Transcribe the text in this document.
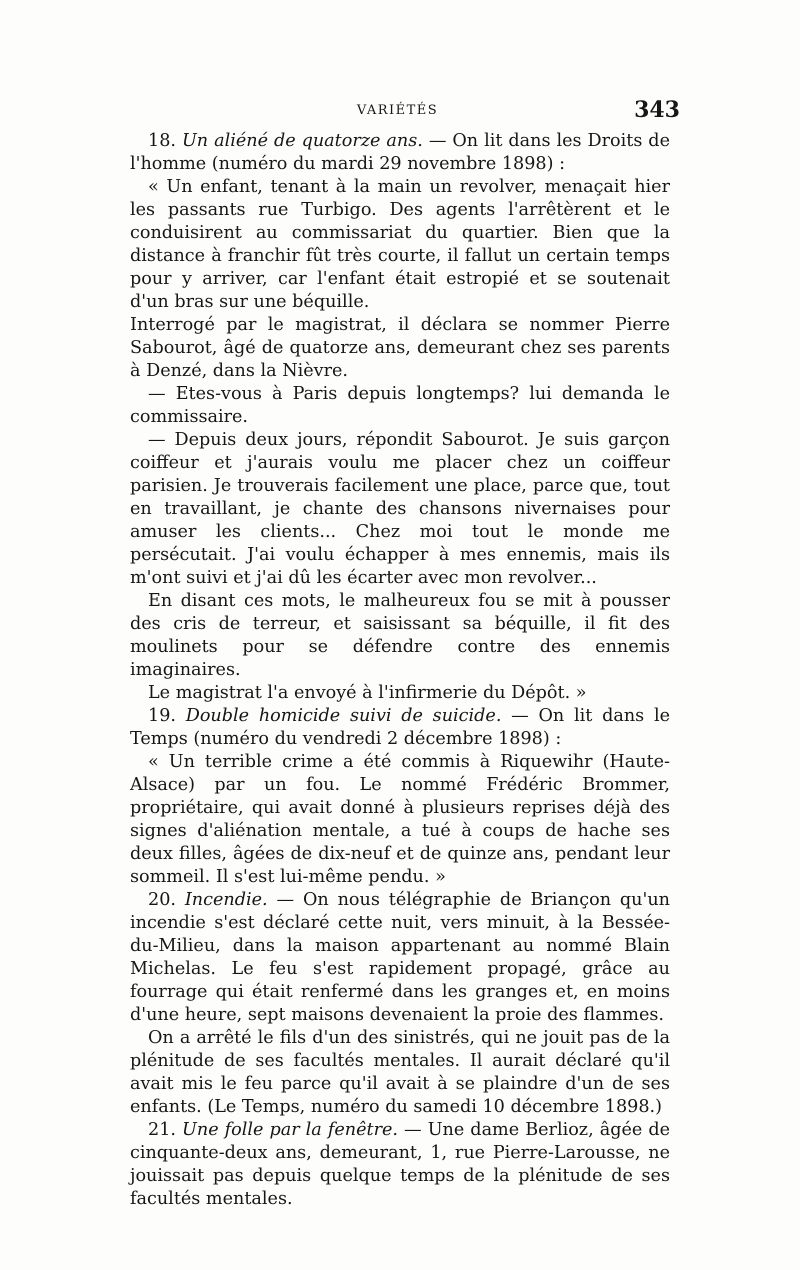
VARIÉTÉS	343

18. Un aliéné de quatorze ans. — On lit dans les Droits de l'homme (numéro du mardi 29 novembre 1898) :

« Un enfant, tenant à la main un revolver, menaçait hier les passants rue Turbigo. Des agents l'arrêtèrent et le conduisirent au commissariat du quartier. Bien que la distance à franchir fût très courte, il fallut un certain temps pour y arriver, car l'enfant était estropié et se soutenait d'un bras sur une béquille.

Interrogé par le magistrat, il déclara se nommer Pierre Sabourot, âgé de quatorze ans, demeurant chez ses parents à Denzé, dans la Nièvre.

— Etes-vous à Paris depuis longtemps? lui demanda le commissaire.

— Depuis deux jours, répondit Sabourot. Je suis garçon coiffeur et j'aurais voulu me placer chez un coiffeur parisien. Je trouverais facilement une place, parce que, tout en travaillant, je chante des chansons nivernaises pour amuser les clients... Chez moi tout le monde me persécutait. J'ai voulu échapper à mes ennemis, mais ils m'ont suivi et j'ai dû les écarter avec mon revolver...

En disant ces mots, le malheureux fou se mit à pousser des cris de terreur, et saisissant sa béquille, il fit des moulinets pour se défendre contre des ennemis imaginaires.

Le magistrat l'a envoyé à l'infirmerie du Dépôt. »

19. Double homicide suivi de suicide. — On lit dans le Temps (numéro du vendredi 2 décembre 1898) :

« Un terrible crime a été commis à Riquewihr (Haute-Alsace) par un fou. Le nommé Frédéric Brommer, propriétaire, qui avait donné à plusieurs reprises déjà des signes d'aliénation mentale, a tué à coups de hache ses deux filles, âgées de dix-neuf et de quinze ans, pendant leur sommeil. Il s'est lui-même pendu. »

20. Incendie. — On nous télégraphie de Briançon qu'un incendie s'est déclaré cette nuit, vers minuit, à la Bessée-du-Milieu, dans la maison appartenant au nommé Blain Michelas. Le feu s'est rapidement propagé, grâce au fourrage qui était renfermé dans les granges et, en moins d'une heure, sept maisons devenaient la proie des flammes.

On a arrêté le fils d'un des sinistrés, qui ne jouit pas de la plénitude de ses facultés mentales. Il aurait déclaré qu'il avait mis le feu parce qu'il avait à se plaindre d'un de ses enfants. (Le Temps, numéro du samedi 10 décembre 1898.)

21. Une folle par la fenêtre. — Une dame Berlioz, âgée de cinquante-deux ans, demeurant, 1, rue Pierre-Larousse, ne jouissait pas depuis quelque temps de la plénitude de ses facultés mentales.
